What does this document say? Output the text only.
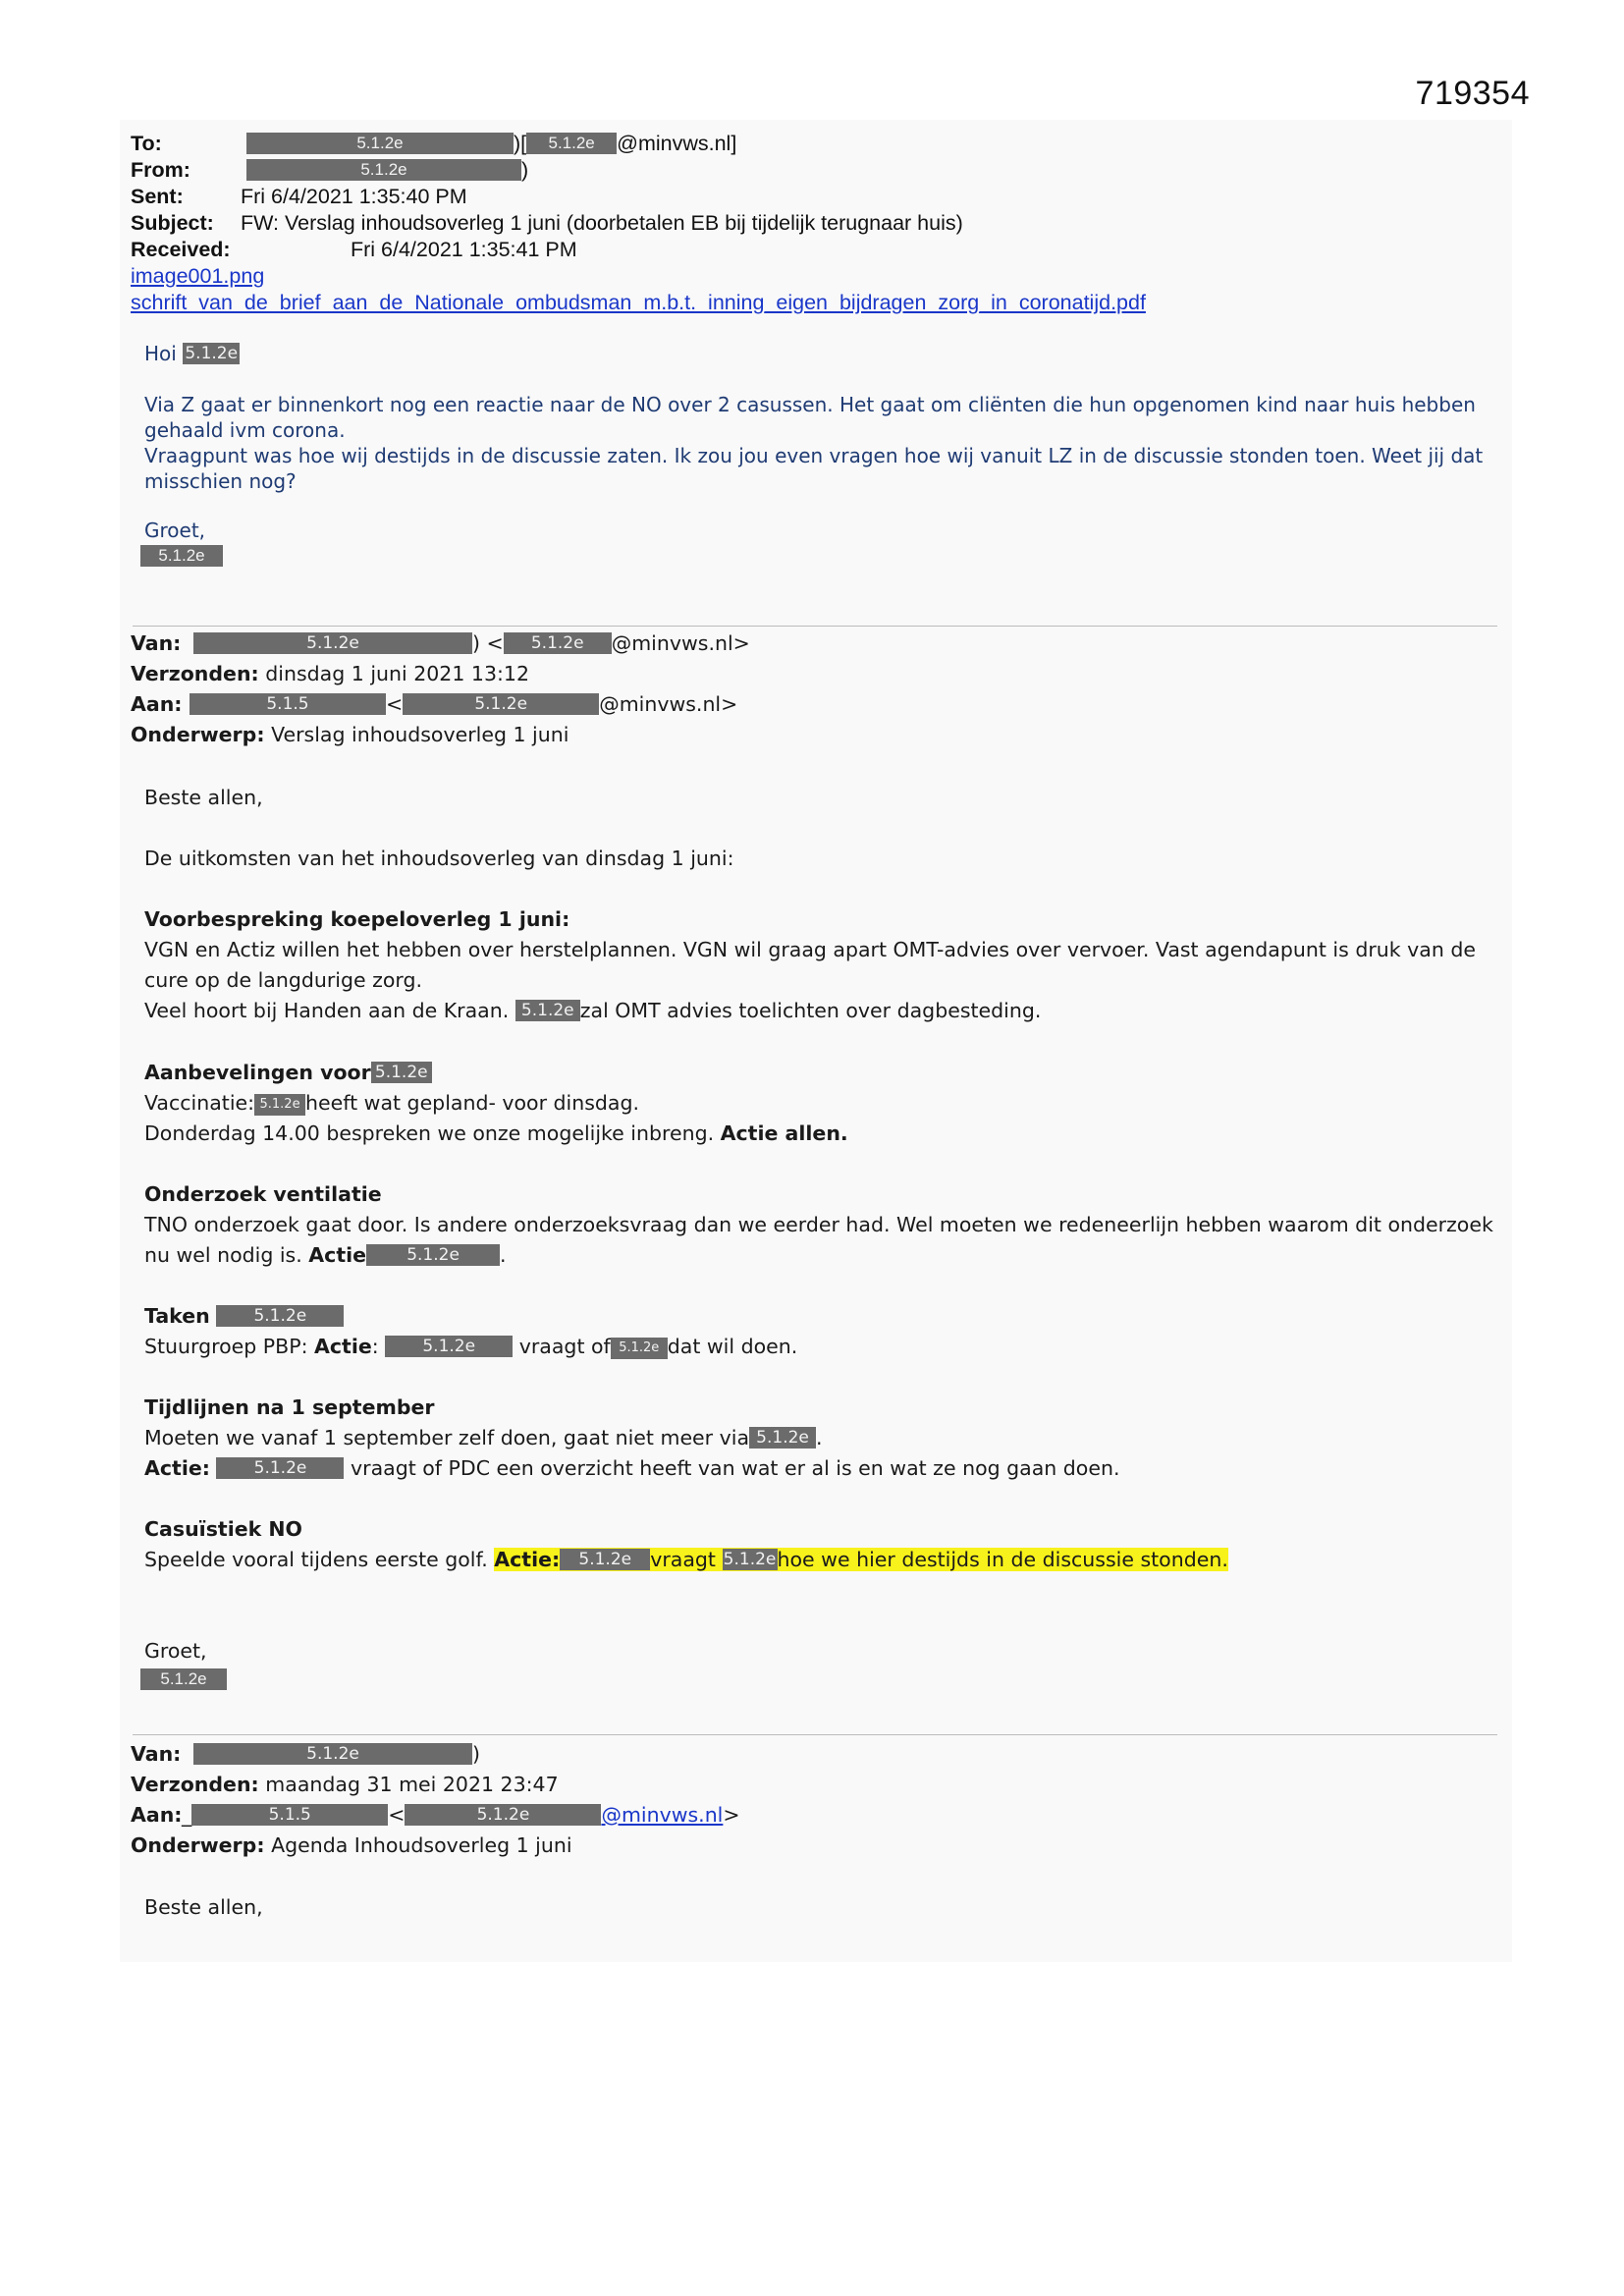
719354
To:	5.1.2e	)[ 5.1.2e @minvws.nl]
From:	5.1.2e	)
Sent:	Fri 6/4/2021 1:35:40 PM
Subject: FW: Verslag inhoudsoverleg 1 juni (doorbetalen EB bij tijdelijk terugnaar huis)
Received:	Fri 6/4/2021 1:35:41 PM
image001.png
schrift_van_de_brief_aan_de_Nationale_ombudsman_m.b.t._inning_eigen_bijdragen_zorg_in_coronatijd.pdf
Hoi 5.1.2e
Via Z gaat er binnenkort nog een reactie naar de NO over 2 casussen. Het gaat om cliënten die hun opgenomen kind naar huis hebben gehaald ivm corona.
Vraagpunt was hoe wij destijds in de discussie zaten. Ik zou jou even vragen hoe wij vanuit LZ in de discussie stonden toen. Weet jij dat misschien nog?
Groet,
5.1.2e
Van:	5.1.2e	) < 5.1.2e @minvws.nl>
Verzonden: dinsdag 1 juni 2021 13:12
Aan:	5.1.5	<	5.1.2e	@minvws.nl>
Onderwerp: Verslag inhoudsoverleg 1 juni
Beste allen,
De uitkomsten van het inhoudsoverleg van dinsdag 1 juni:
Voorbespreking koepeloverleg 1 juni:
VGN en Actiz willen het hebben over herstelplannen. VGN wil graag apart OMT-advies over vervoer. Vast agendapunt is druk van de cure op de langdurige zorg.
Veel hoort bij Handen aan de Kraan. 5.1.2e zal OMT advies toelichten over dagbesteding.
Aanbevelingen voor 5.1.2e
Vaccinatie: 5.1.2e heeft wat gepland- voor dinsdag.
Donderdag 14.00 bespreken we onze mogelijke inbreng. Actie allen.
Onderzoek ventilatie
TNO onderzoek gaat door. Is andere onderzoeksvraag dan we eerder had. Wel moeten we redeneerlijn hebben waarom dit onderzoek nu wel nodig is. Actie 5.1.2e .
Taken	5.1.2e
Stuurgroep PBP: Actie:	5.1.2e vraagt of 5.1.2e dat wil doen.
Tijdlijnen na 1 september
Moeten we vanaf 1 september zelf doen, gaat niet meer via 5.1.2e .
Actie:	5.1.2e vraagt of PDC een overzicht heeft van wat er al is en wat ze nog gaan doen.
Casuïstiek NO
Speelde vooral tijdens eerste golf. Actie: 5.1.2e vraagt 5.1.2ehoe we hier destijds in de discussie stonden.
Groet,
5.1.2e
Van:	5.1.2e	)
Verzonden: maandag 31 mei 2021 23:47
Aan:_	5.1.5	<	5.1.2e	@minvws.nl>
Onderwerp: Agenda Inhoudsoverleg 1 juni
Beste allen,
